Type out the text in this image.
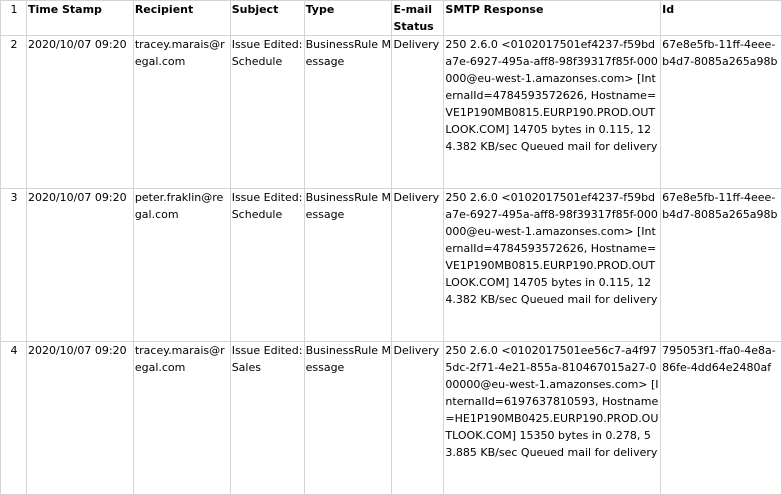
1	Time Stamp	Recipient	Subject	Type	E-mail Status	SMTP Response	Id
2	2020/10/07 09:20	tracey.marais@regal.com	Issue Edited: Schedule	BusinessRule Message	Delivery	250 2.6.0 <0102017501ef4237-f59bda7e-6927-495a-aff8-98f39317f85f-000000@eu-west-1.amazonses.com> [InternalId=4784593572626, Hostname=VE1P190MB0815.EURP190.PROD.OUTLOOK.COM] 14705 bytes in 0.115, 124.382 KB/sec Queued mail for delivery	67e8e5fb-11ff-4eee-b4d7-8085a265a98b
3	2020/10/07 09:20	peter.fraklin@regal.com	Issue Edited: Schedule	BusinessRule Message	Delivery	250 2.6.0 <0102017501ef4237-f59bda7e-6927-495a-aff8-98f39317f85f-000000@eu-west-1.amazonses.com> [InternalId=4784593572626, Hostname=VE1P190MB0815.EURP190.PROD.OUTLOOK.COM] 14705 bytes in 0.115, 124.382 KB/sec Queued mail for delivery	67e8e5fb-11ff-4eee-b4d7-8085a265a98b
4	2020/10/07 09:20	tracey.marais@regal.com	Issue Edited: Sales	BusinessRule Message	Delivery	250 2.6.0 <0102017501ee56c7-a4f975dc-2f71-4e21-855a-810467015a27-000000@eu-west-1.amazonses.com> [InternalId=6197637810593, Hostname=HE1P190MB0425.EURP190.PROD.OUTLOOK.COM] 15350 bytes in 0.278, 53.885 KB/sec Queued mail for delivery	795053f1-ffa0-4e8a-86fe-4dd64e2480af
